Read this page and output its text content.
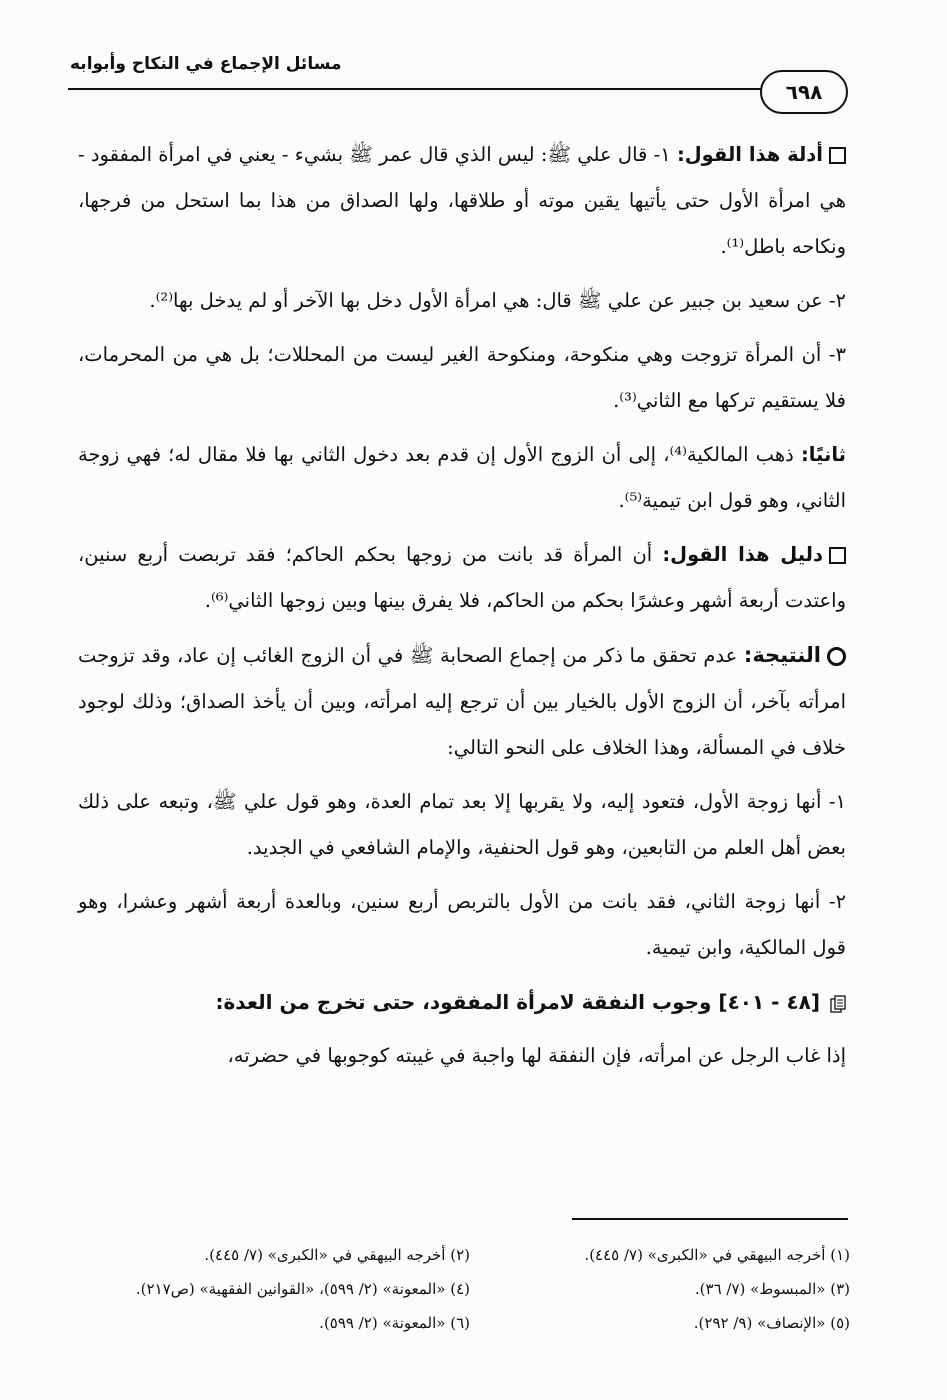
مسائل الإجماع في النكاح وأبوابه
٦٩٨

أدلة هذا القول: ١- قال علي ﷺ: ليس الذي قال عمر ﷺ بشيء - يعني في امرأة المفقود - هي امرأة الأول حتى يأتيها يقين موته أو طلاقها، ولها الصداق من هذا بما استحل من فرجها، ونكاحه باطل⁽¹⁾.

٢- عن سعيد بن جبير عن علي ﷺ قال: هي امرأة الأول دخل بها الآخر أو لم يدخل بها⁽²⁾.

٣- أن المرأة تزوجت وهي منكوحة، ومنكوحة الغير ليست من المحللات؛ بل هي من المحرمات، فلا يستقيم تركها مع الثاني⁽³⁾.

ثانيًا: ذهب المالكية⁽⁴⁾، إلى أن الزوج الأول إن قدم بعد دخول الثاني بها فلا مقال له؛ فهي زوجة الثاني، وهو قول ابن تيمية⁽⁵⁾.

دليل هذا القول: أن المرأة قد بانت من زوجها بحكم الحاكم؛ فقد تربصت أربع سنين، واعتدت أربعة أشهر وعشرًا بحكم من الحاكم، فلا يفرق بينها وبين زوجها الثاني⁽⁶⁾.

النتيجة: عدم تحقق ما ذكر من إجماع الصحابة ﷺ في أن الزوج الغائب إن عاد، وقد تزوجت امرأته بآخر، أن الزوج الأول بالخيار بين أن ترجع إليه امرأته، وبين أن يأخذ الصداق؛ وذلك لوجود خلاف في المسألة، وهذا الخلاف على النحو التالي:

١- أنها زوجة الأول، فتعود إليه، ولا يقربها إلا بعد تمام العدة، وهو قول علي ﷺ، وتبعه على ذلك بعض أهل العلم من التابعين، وهو قول الحنفية، والإمام الشافعي في الجديد.

٢- أنها زوجة الثاني، فقد بانت من الأول بالتربص أربع سنين، وبالعدة أربعة أشهر وعشرا، وهو قول المالكية، وابن تيمية.

[٤٨ - ٤٠١] وجوب النفقة لامرأة المفقود، حتى تخرج من العدة:

إذا غاب الرجل عن امرأته، فإن النفقة لها واجبة في غيبته كوجوبها في حضرته،

(١) أخرجه البيهقي في «الكبرى» (٧/ ٤٤٥).
(٢) أخرجه البيهقي في «الكبرى» (٧/ ٤٤٥).
(٣) «المبسوط» (٧/ ٣٦).
(٤) «المعونة» (٢/ ٥٩٩)، «القوانين الفقهية» (ص٢١٧).
(٥) «الإنصاف» (٩/ ٢٩٢).
(٦) «المعونة» (٢/ ٥٩٩).
